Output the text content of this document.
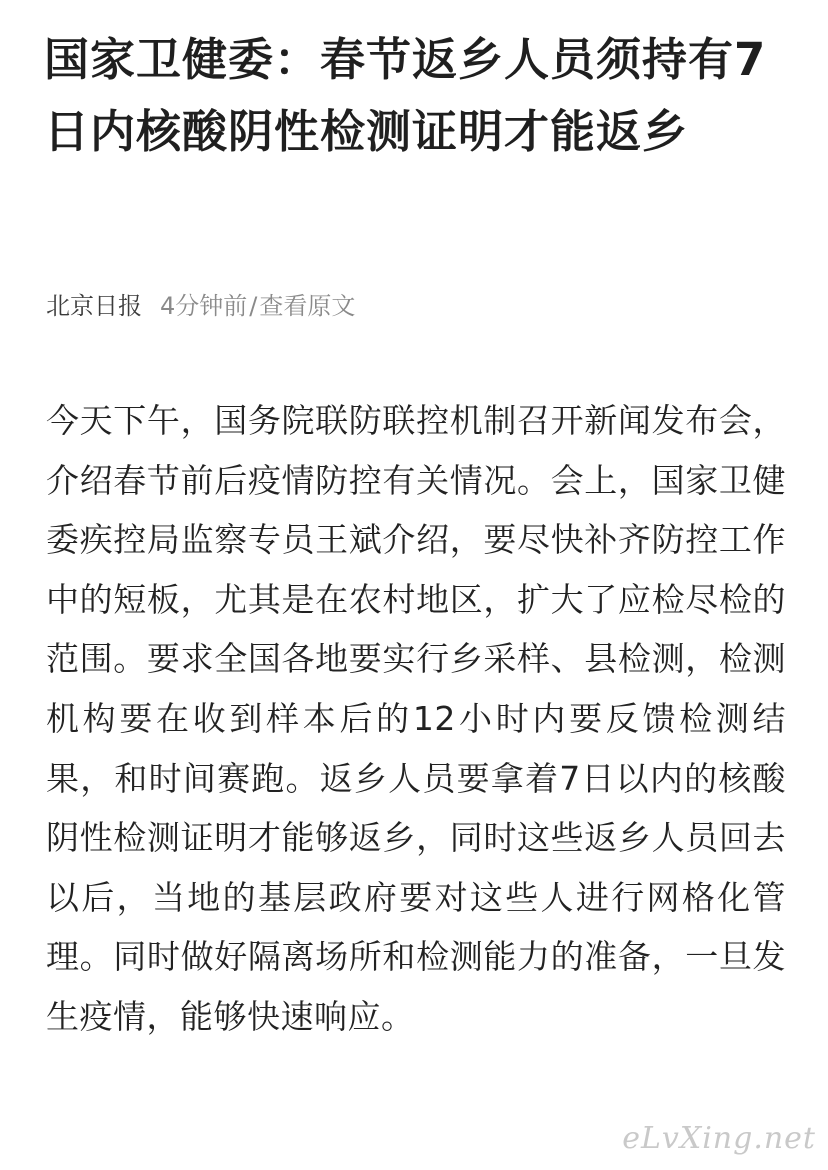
国家卫健委：春节返乡人员须持有7日内核酸阴性检测证明才能返乡
北京日报 4分钟前/查看原文

今天下午，国务院联防联控机制召开新闻发布会，介绍春节前后疫情防控有关情况。会上，国家卫健委疾控局监察专员王斌介绍，要尽快补齐防控工作中的短板，尤其是在农村地区，扩大了应检尽检的范围。要求全国各地要实行乡采样、县检测，检测机构要在收到样本后的12小时内要反馈检测结果，和时间赛跑。返乡人员要拿着7日以内的核酸阴性检测证明才能够返乡，同时这些返乡人员回去以后，当地的基层政府要对这些人进行网格化管理。同时做好隔离场所和检测能力的准备，一旦发生疫情，能够快速响应。

eLvXing.net
